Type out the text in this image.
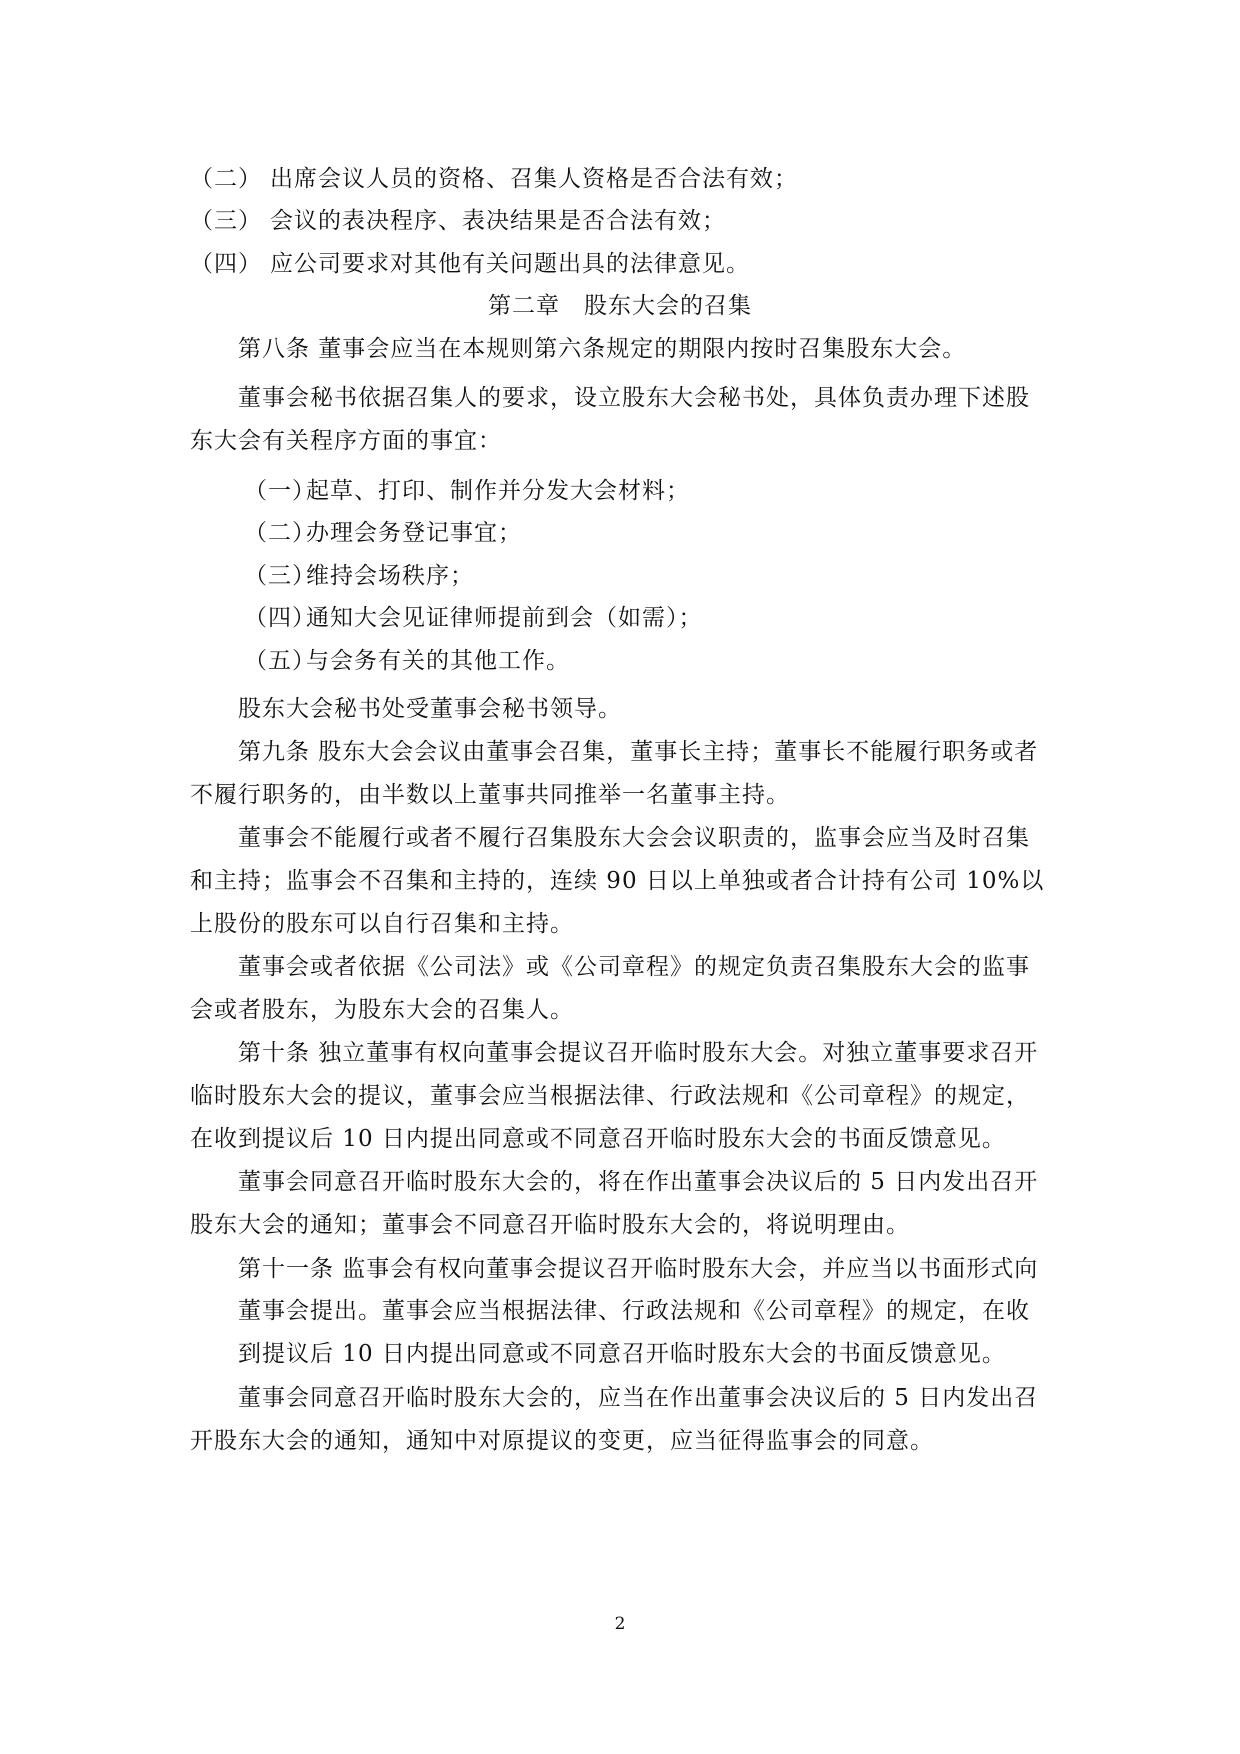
（二） 出席会议人员的资格、召集人资格是否合法有效；
（三） 会议的表决程序、表决结果是否合法有效；
（四） 应公司要求对其他有关问题出具的法律意见。
第二章　股东大会的召集
第八条 董事会应当在本规则第六条规定的期限内按时召集股东大会。
董事会秘书依据召集人的要求，设立股东大会秘书处，具体负责办理下述股
东大会有关程序方面的事宜：
（一）起草、打印、制作并分发大会材料；
（二）办理会务登记事宜；
（三）维持会场秩序；
（四）通知大会见证律师提前到会（如需）；
（五）与会务有关的其他工作。
股东大会秘书处受董事会秘书领导。
第九条 股东大会会议由董事会召集，董事长主持；董事长不能履行职务或者
不履行职务的，由半数以上董事共同推举一名董事主持。
董事会不能履行或者不履行召集股东大会会议职责的，监事会应当及时召集
和主持；监事会不召集和主持的，连续 90 日以上单独或者合计持有公司 10%以
上股份的股东可以自行召集和主持。
董事会或者依据《公司法》或《公司章程》的规定负责召集股东大会的监事
会或者股东，为股东大会的召集人。
第十条 独立董事有权向董事会提议召开临时股东大会。对独立董事要求召开
临时股东大会的提议，董事会应当根据法律、行政法规和《公司章程》的规定，
在收到提议后 10 日内提出同意或不同意召开临时股东大会的书面反馈意见。
董事会同意召开临时股东大会的，将在作出董事会决议后的 5 日内发出召开
股东大会的通知；董事会不同意召开临时股东大会的，将说明理由。
第十一条 监事会有权向董事会提议召开临时股东大会，并应当以书面形式向
董事会提出。董事会应当根据法律、行政法规和《公司章程》的规定，在收
到提议后 10 日内提出同意或不同意召开临时股东大会的书面反馈意见。
董事会同意召开临时股东大会的，应当在作出董事会决议后的 5 日内发出召
开股东大会的通知，通知中对原提议的变更，应当征得监事会的同意。
2
